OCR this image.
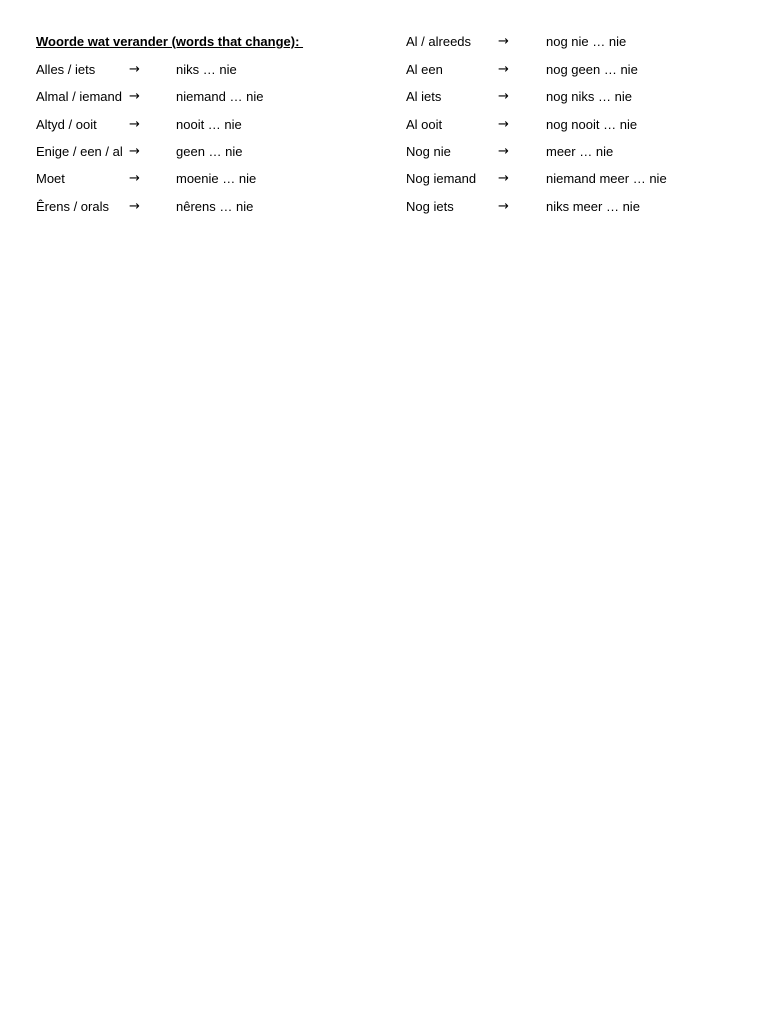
Woorde wat verander (words that change):
Alles / iets	→	niks … nie
Almal / iemand →	niemand … nie
Altyd / ooit →	nooit … nie
Enige / een / al →	geen … nie
Moet	→	moenie … nie
Êrens / orals →	nêrens … nie
Al / alreeds →	nog nie … nie
Al een	→	nog geen … nie
Al iets	→	nog niks … nie
Al ooit	→	nog nooit … nie
Nog nie	→	meer … nie
Nog iemand →	niemand meer … nie
Nog iets	→	niks meer … nie
